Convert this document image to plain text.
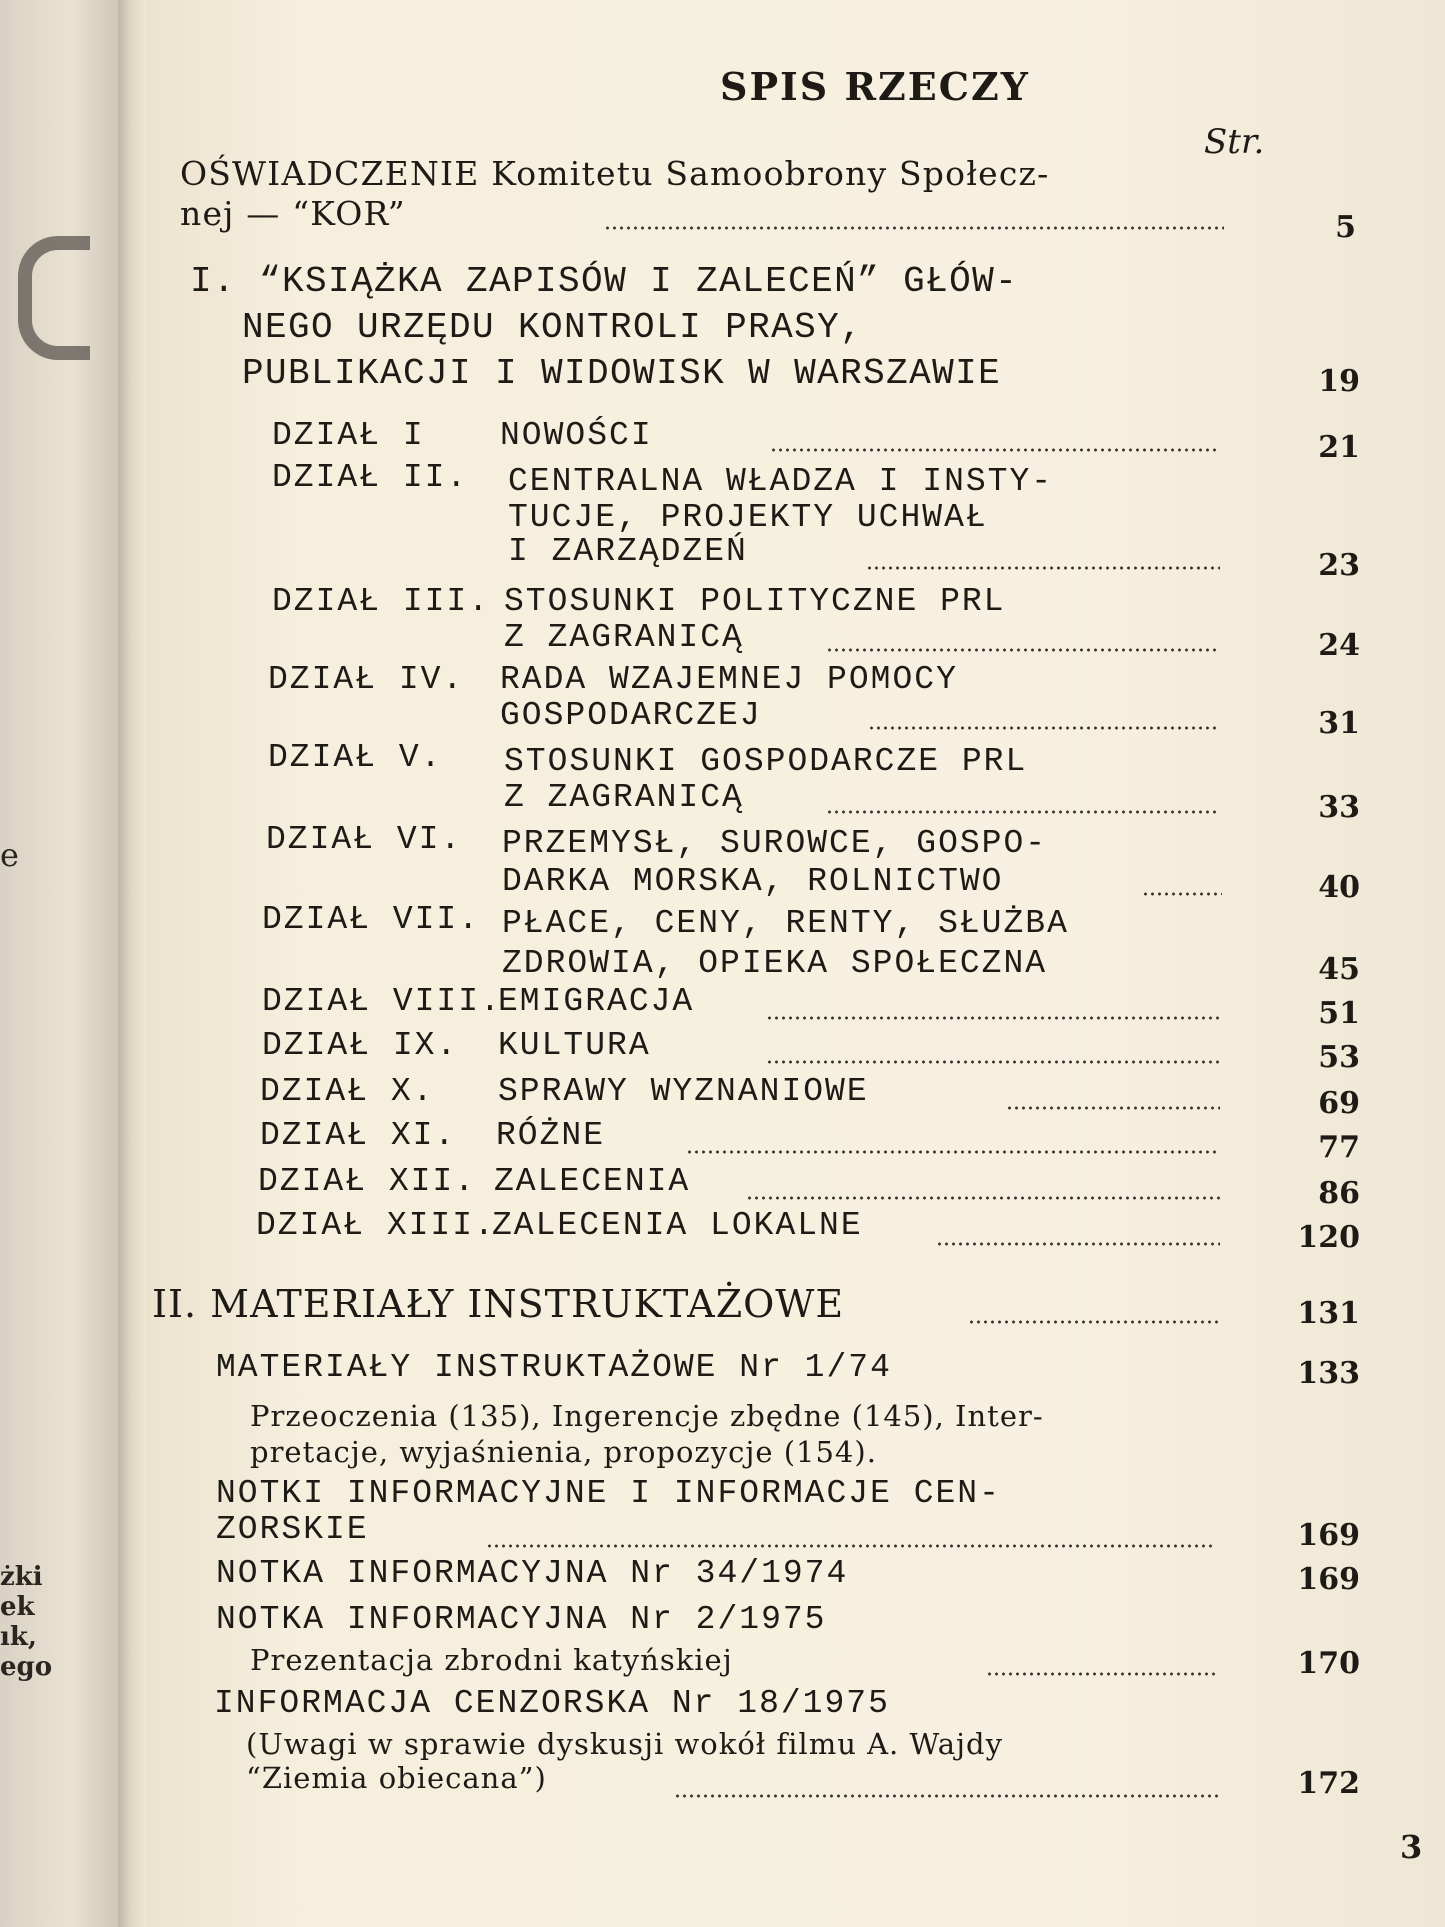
e
żki
ek
ık,
ego
SPIS RZECZY
Str.
OŚWIADCZENIE Komitetu Samoobrony Społecz-
nej — “KOR”	5
I. “KSIĄŻKA ZAPISÓW I ZALECEŃ” GŁÓW-
NEGO URZĘDU KONTROLI PRASY,
PUBLIKACJI I WIDOWISK W WARSZAWIE	19
DZIAŁ I NOWOŚCI	21
DZIAŁ II. CENTRALNA WŁADZA I INSTY-
TUCJE, PROJEKTY UCHWAŁ
I ZARZĄDZEŃ	23
DZIAŁ III. STOSUNKI POLITYCZNE PRL
Z ZAGRANICĄ	24
DZIAŁ IV. RADA WZAJEMNEJ POMOCY
GOSPODARCZEJ	31
DZIAŁ V. STOSUNKI GOSPODARCZE PRL
Z ZAGRANICĄ	33
DZIAŁ VI. PRZEMYSŁ, SUROWCE, GOSPO-
DARKA MORSKA, ROLNICTWO	40
DZIAŁ VII. PŁACE, CENY, RENTY, SŁUŻBA
ZDROWIA, OPIEKA SPOŁECZNA	45
DZIAŁ VIII.
EMIGRACJA	51
DZIAŁ IX. KULTURA	53
DZIAŁ X. SPRAWY WYZNANIOWE	69
DZIAŁ XI. RÓŻNE	77
DZIAŁ XII. ZALECENIA	86
DZIAŁ XIII.
ZALECENIA LOKALNE	120
II. MATERIAŁY INSTRUKTAŻOWE	131
MATERIAŁY INSTRUKTAŻOWE Nr 1/74	133
Przeoczenia (135), Ingerencje zbędne (145), Inter-
pretacje, wyjaśnienia, propozycje (154).
NOTKI INFORMACYJNE I INFORMACJE CEN-
ZORSKIE	169
NOTKA INFORMACYJNA Nr 34/1974	169
NOTKA INFORMACYJNA Nr 2/1975
Prezentacja zbrodni katyńskiej	170
INFORMACJA CENZORSKA Nr 18/1975
(Uwagi w sprawie dyskusji wokół filmu A. Wajdy
“Ziemia obiecana”)	172
3
